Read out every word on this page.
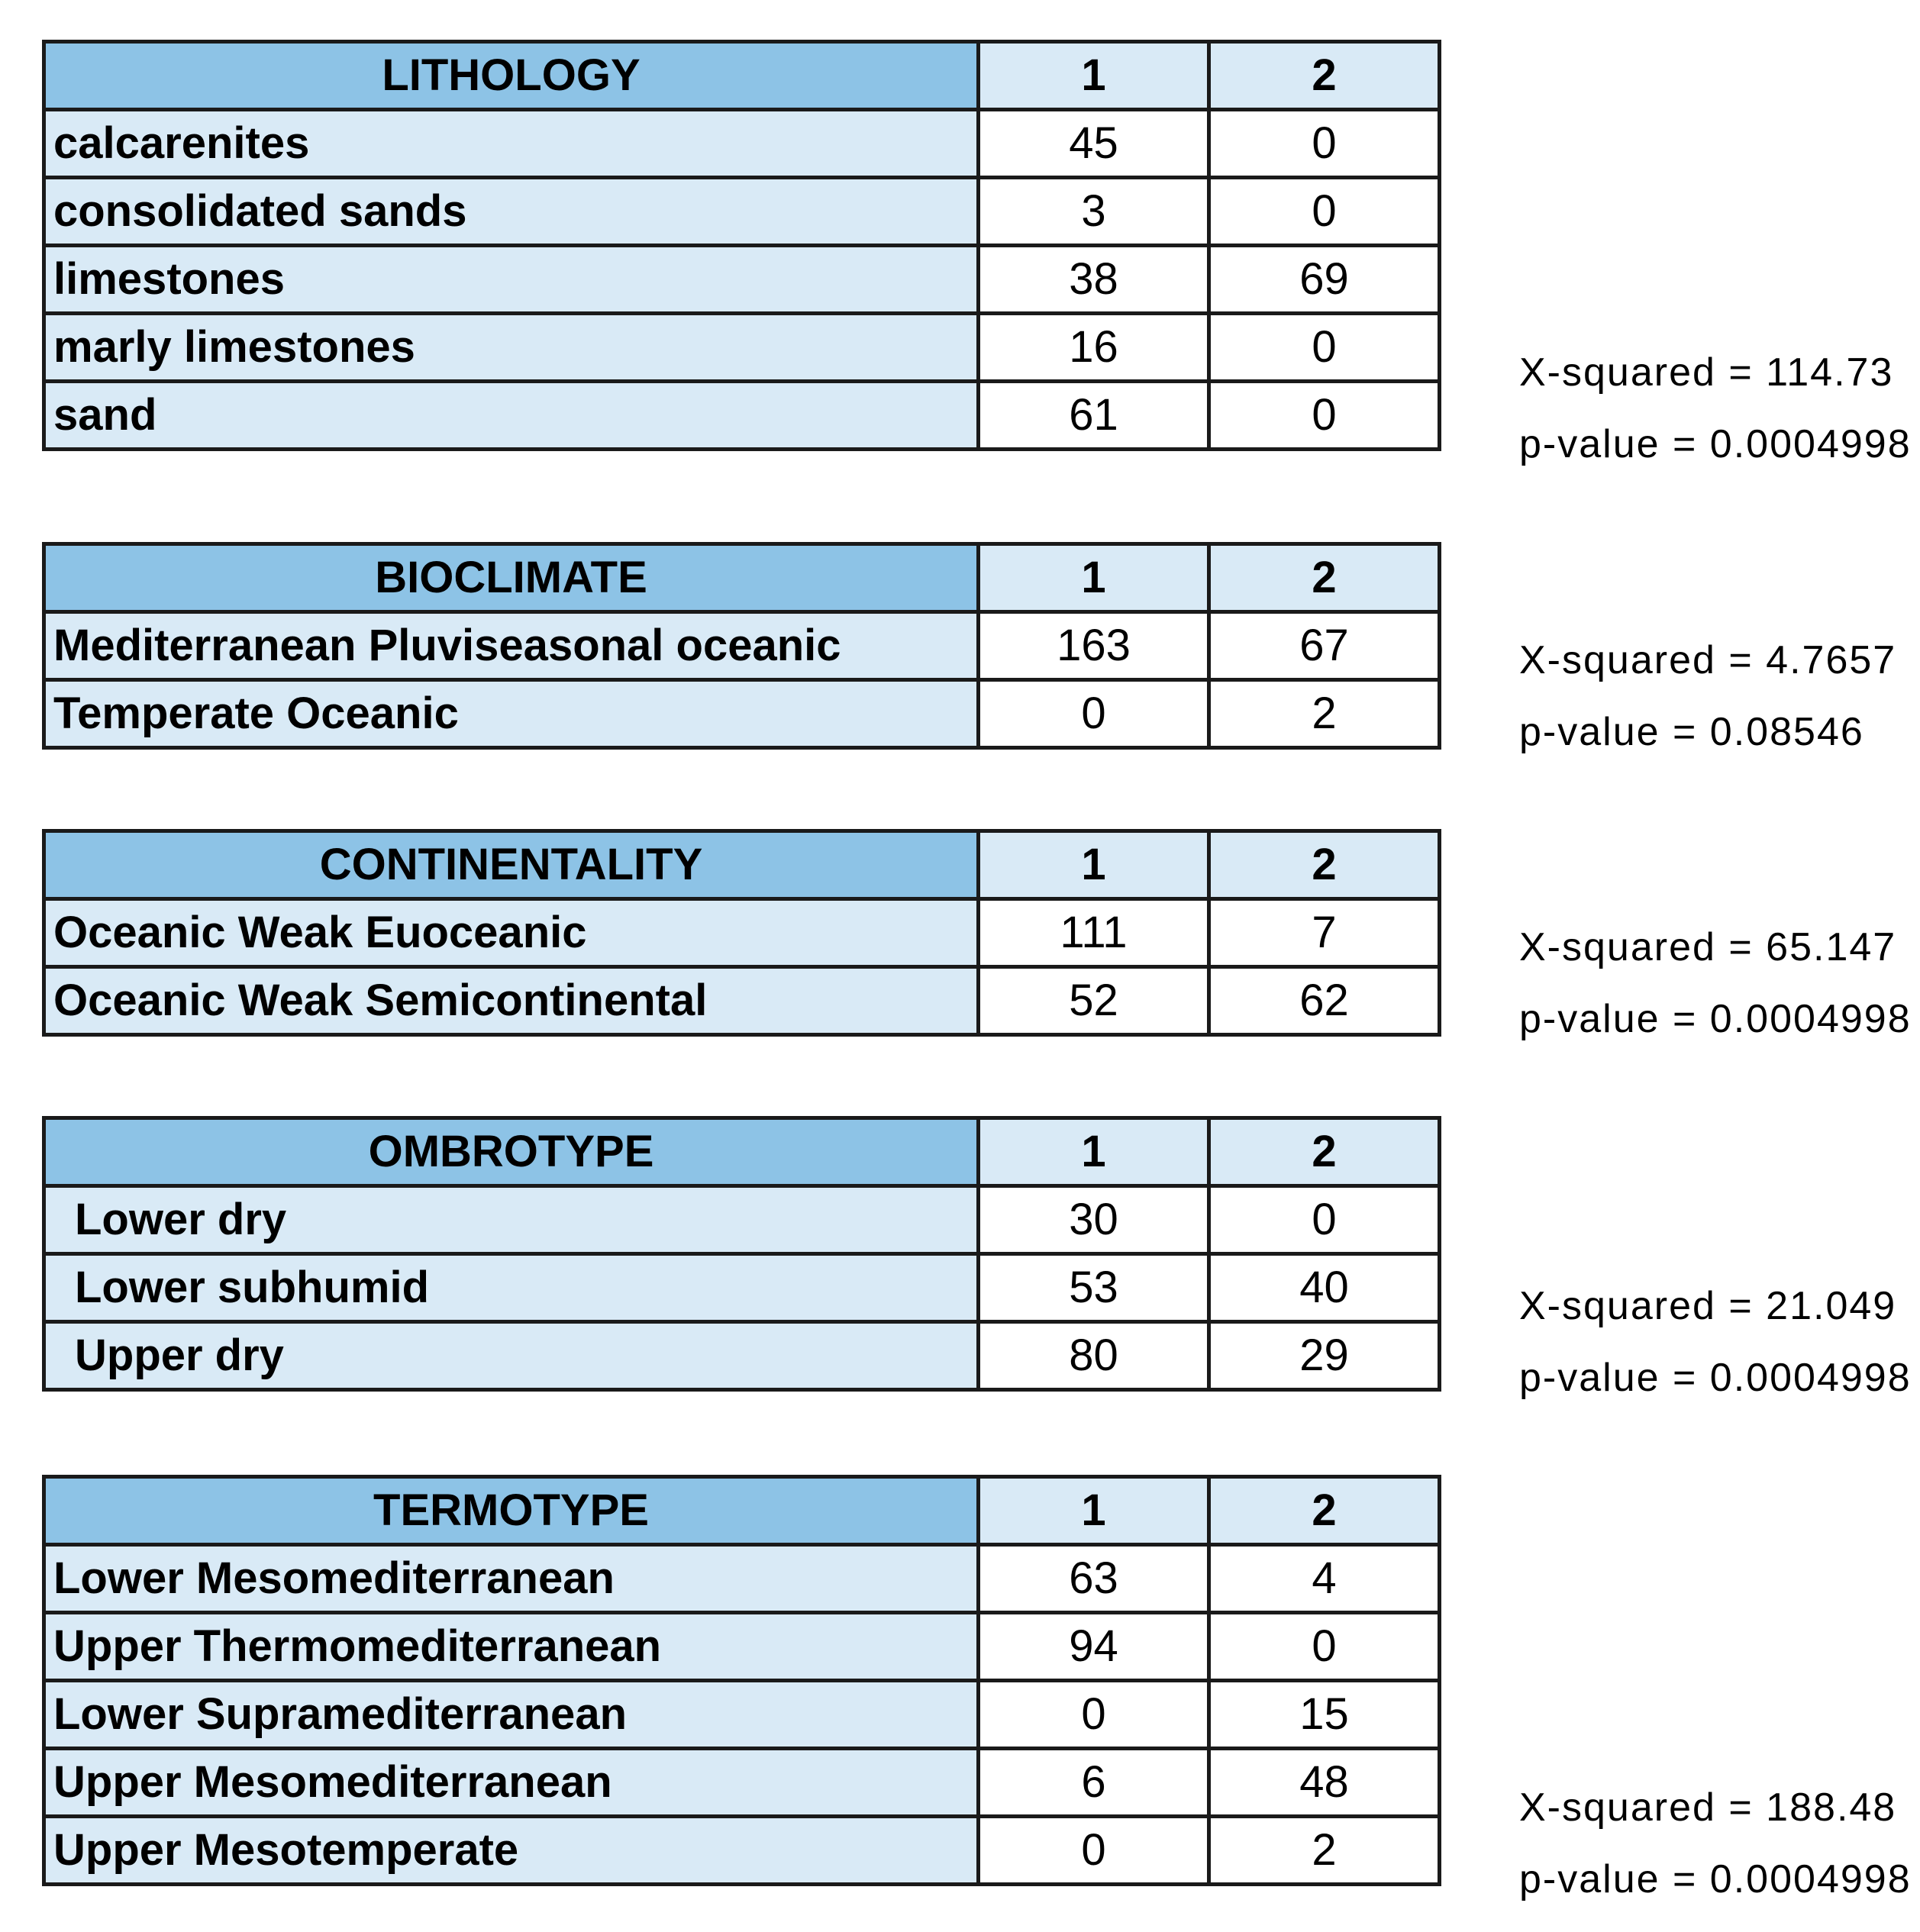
LITHOLOGY	1	2
calcarenites	45	0
consolidated sands	3	0
limestones	38	69
marly limestones	16	0
sand	61	0
X-squared = 114.73
p-value = 0.0004998
BIOCLIMATE	1	2
Mediterranean Pluviseasonal oceanic	163	67
Temperate Oceanic	0	2
X-squared = 4.7657
p-value = 0.08546
CONTINENTALITY	1	2
Oceanic Weak Euoceanic	111	7
Oceanic Weak Semicontinental	52	62
X-squared = 65.147
p-value = 0.0004998
OMBROTYPE	1	2
Lower dry	30	0
Lower subhumid	53	40
Upper dry	80	29
X-squared = 21.049
p-value = 0.0004998
TERMOTYPE	1	2
Lower Mesomediterranean	63	4
Upper Thermomediterranean	94	0
Lower Supramediterranean	0	15
Upper Mesomediterranean	6	48
Upper Mesotemperate	0	2
X-squared = 188.48
p-value = 0.0004998
